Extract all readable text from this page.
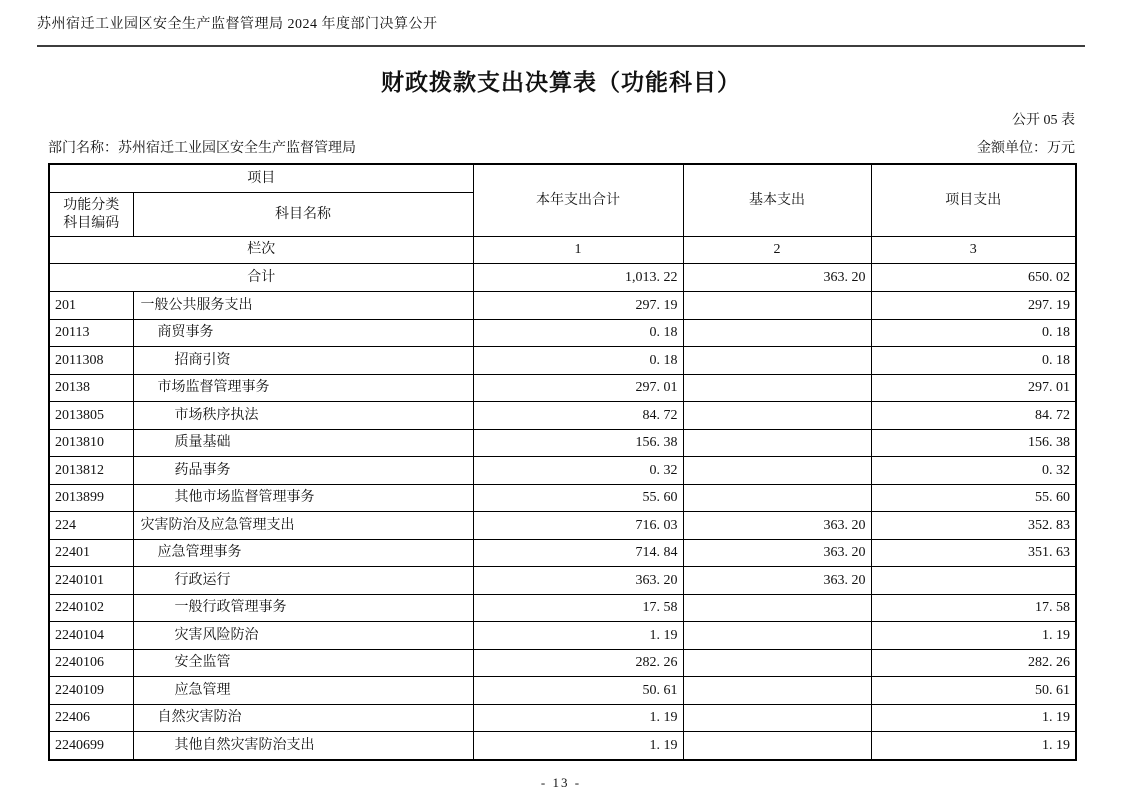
苏州宿迁工业园区安全生产监督管理局 2024 年度部门决算公开
财政拨款支出决算表（功能科目）
公开 05 表
部门名称：苏州宿迁工业园区安全生产监督管理局	金额单位：万元
项目		本年支出合计	基本支出	项目支出

功能分类
科目编码	科目名称			
栏次		1	2	3
合计		1,013. 22	363. 20	650. 02
201	一般公共服务支出	297. 19		297. 19
20113	商贸事务	0. 18		0. 18
2011308	招商引资	0. 18		0. 18
20138	市场监督管理事务	297. 01		297. 01
2013805	市场秩序执法	84. 72		84. 72
2013810	质量基础	156. 38		156. 38
2013812	药品事务	0. 32		0. 32
2013899	其他市场监督管理事务	55. 60		55. 60
224	灾害防治及应急管理支出	716. 03	363. 20	352. 83
22401	应急管理事务	714. 84	363. 20	351. 63
2240101	行政运行	363. 20	363. 20	
2240102	一般行政管理事务	17. 58		17. 58
2240104	灾害风险防治	1. 19		1. 19
2240106	安全监管	282. 26		282. 26
2240109	应急管理	50. 61		50. 61
22406	自然灾害防治	1. 19		1. 19
2240699	其他自然灾害防治支出	1. 19		1. 19
- 13 -
